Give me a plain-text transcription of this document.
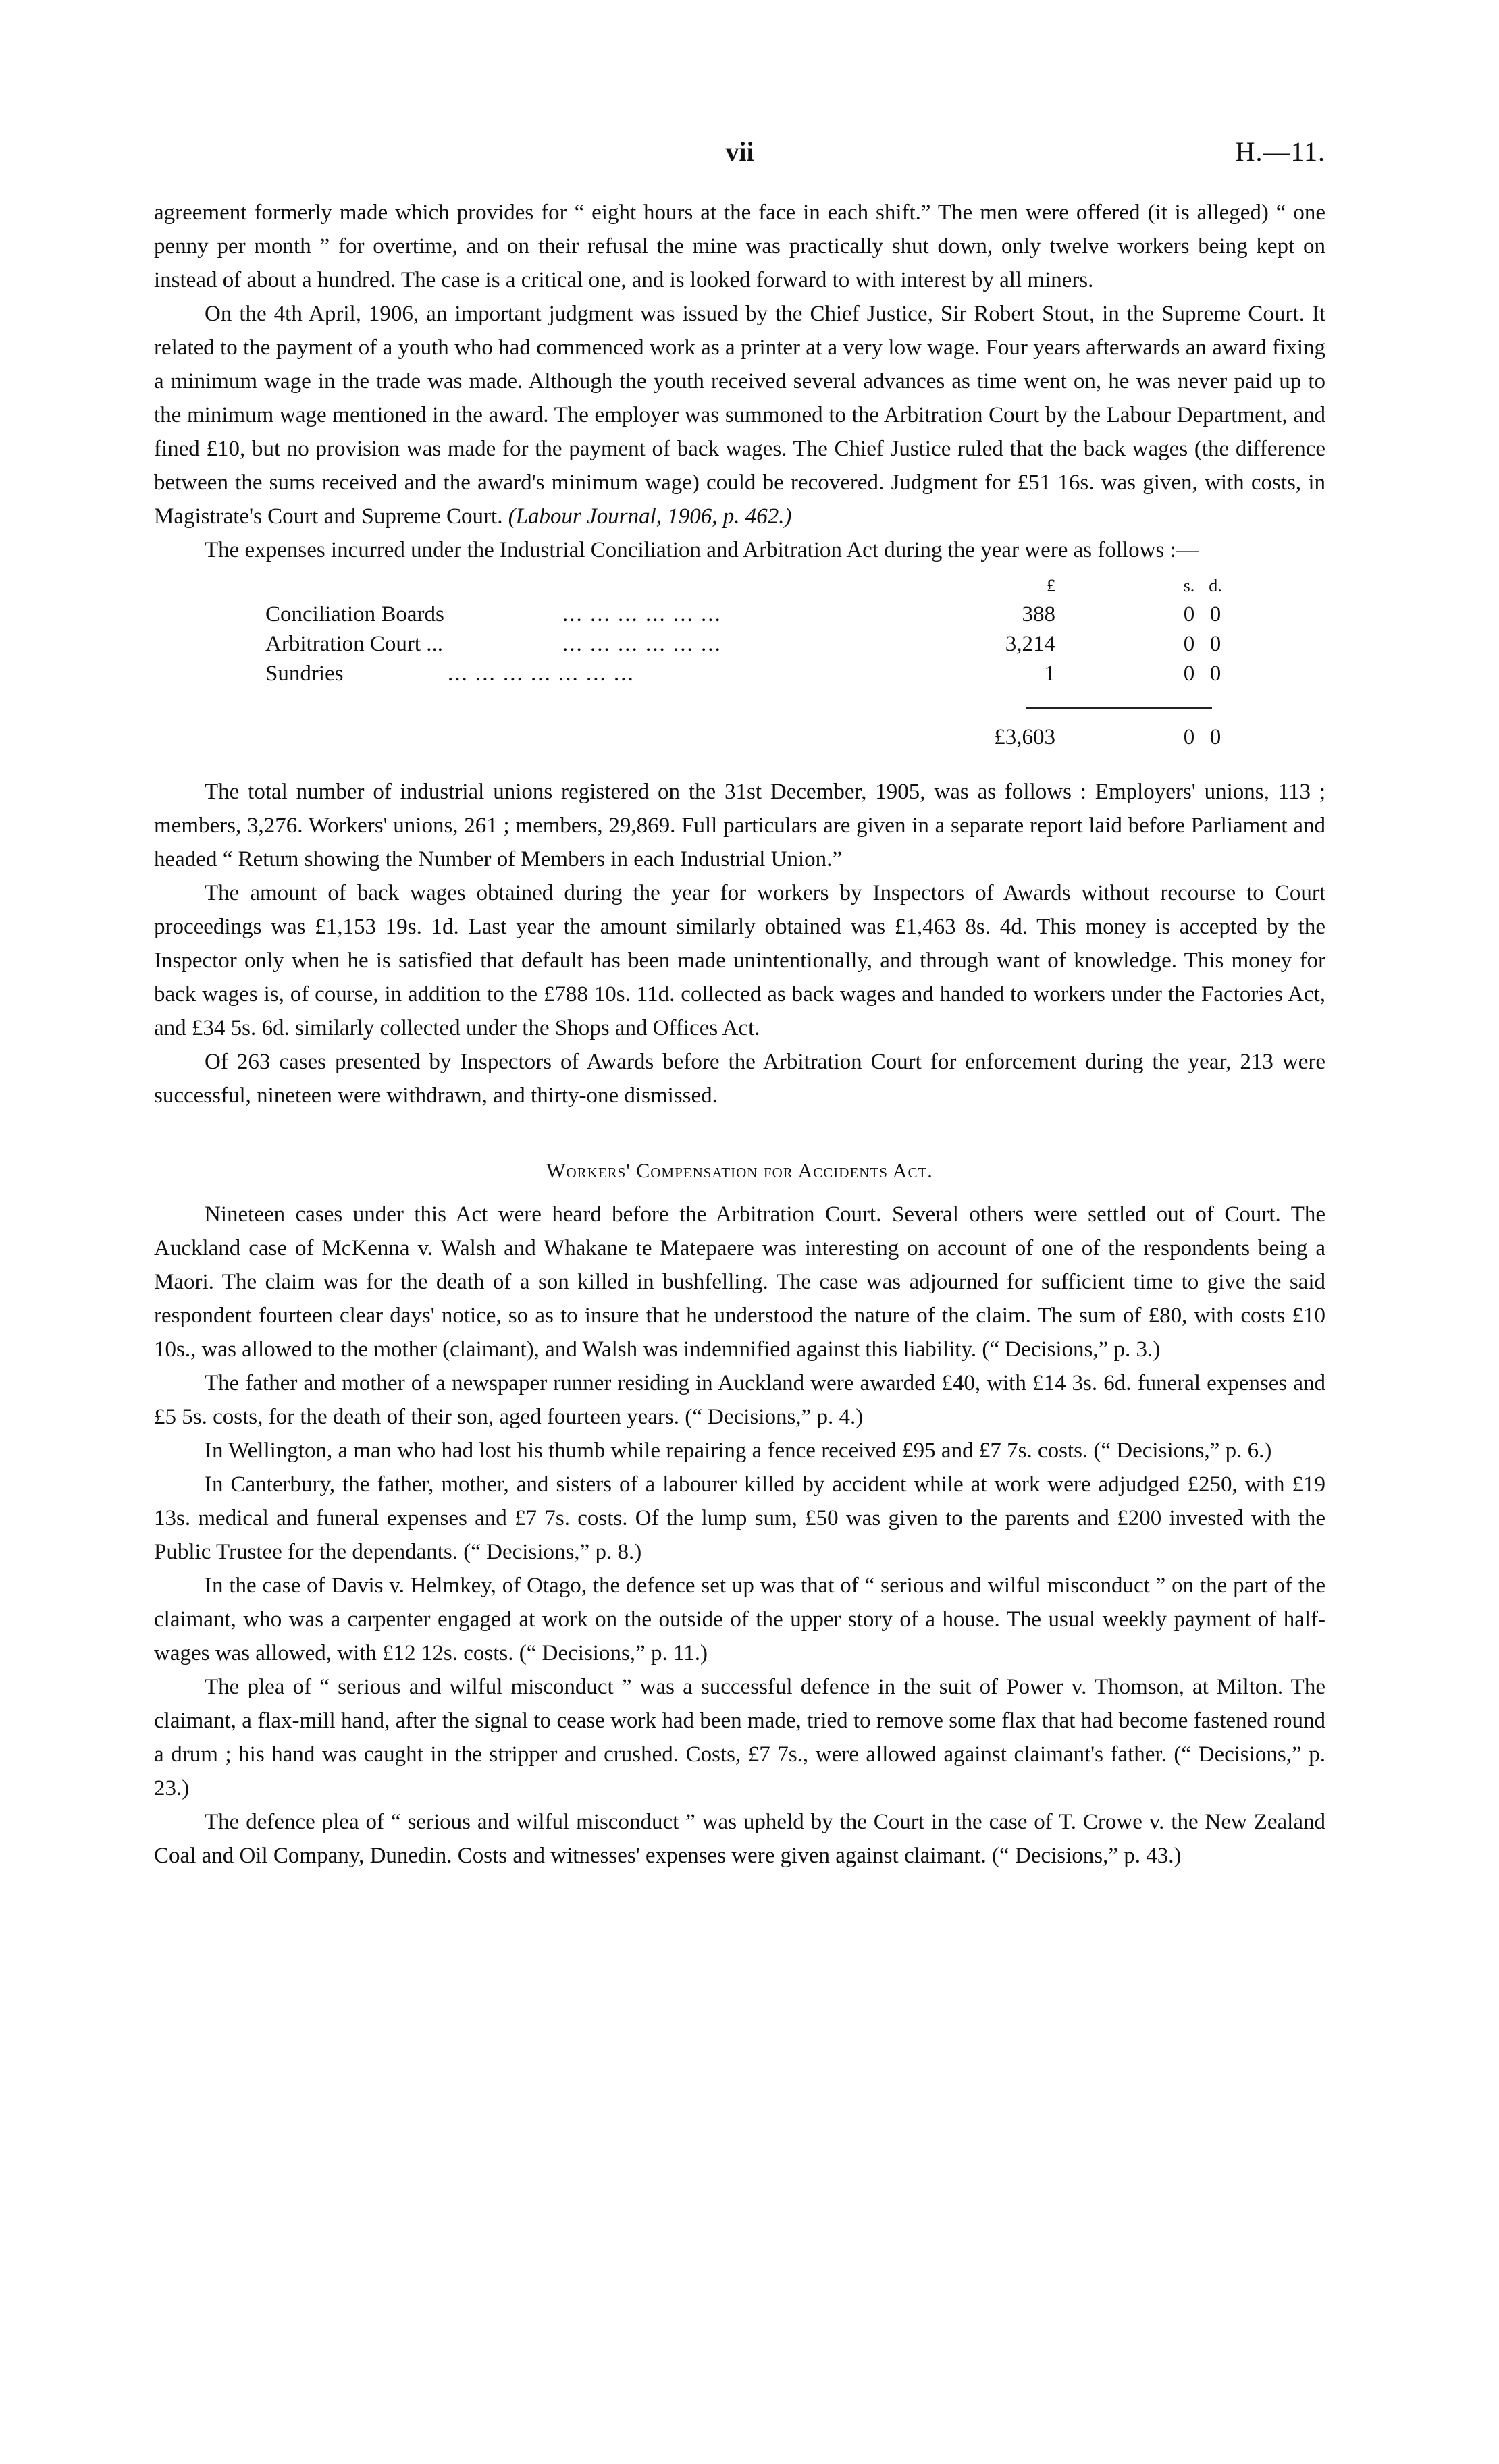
vii	H.—11.

agreement formerly made which provides for “ eight hours at the face in each shift.” The men were offered (it is alleged) “ one penny per month ” for overtime, and on their refusal the mine was practically shut down, only twelve workers being kept on instead of about a hundred. The case is a critical one, and is looked forward to with interest by all miners.

On the 4th April, 1906, an important judgment was issued by the Chief Justice, Sir Robert Stout, in the Supreme Court. It related to the payment of a youth who had commenced work as a printer at a very low wage. Four years afterwards an award fixing a minimum wage in the trade was made. Although the youth received several advances as time went on, he was never paid up to the minimum wage mentioned in the award. The employer was summoned to the Arbitration Court by the Labour Department, and fined £10, but no provision was made for the payment of back wages. The Chief Justice ruled that the back wages (the difference between the sums received and the award's minimum wage) could be recovered. Judgment for £51 16s. was given, with costs, in Magistrate's Court and Supreme Court. (Labour Journal, 1906, p. 462.)

The expenses incurred under the Industrial Conciliation and Arbitration Act during the year were as follows :—

£	s. d.
Conciliation Boards	... ... ... ... ... ...	388	0 0
Arbitration Court ...	... ... ... ... ... ...	3,214	0 0
Sundries	... ... ... ... ... ... ...	1	0 0
£3,603	0 0

The total number of industrial unions registered on the 31st December, 1905, was as follows : Employers' unions, 113 ; members, 3,276. Workers' unions, 261 ; members, 29,869. Full particulars are given in a separate report laid before Parliament and headed “ Return showing the Number of Members in each Industrial Union.”

The amount of back wages obtained during the year for workers by Inspectors of Awards without recourse to Court proceedings was £1,153 19s. 1d. Last year the amount similarly obtained was £1,463 8s. 4d. This money is accepted by the Inspector only when he is satisfied that default has been made unintentionally, and through want of knowledge. This money for back wages is, of course, in addition to the £788 10s. 11d. collected as back wages and handed to workers under the Factories Act, and £34 5s. 6d. similarly collected under the Shops and Offices Act.

Of 263 cases presented by Inspectors of Awards before the Arbitration Court for enforcement during the year, 213 were successful, nineteen were withdrawn, and thirty-one dismissed.

Workers' Compensation for Accidents Act.

Nineteen cases under this Act were heard before the Arbitration Court. Several others were settled out of Court. The Auckland case of McKenna v. Walsh and Whakane te Matepaere was interesting on account of one of the respondents being a Maori. The claim was for the death of a son killed in bushfelling. The case was adjourned for sufficient time to give the said respondent fourteen clear days' notice, so as to insure that he understood the nature of the claim. The sum of £80, with costs £10 10s., was allowed to the mother (claimant), and Walsh was indemnified against this liability. (“ Decisions,” p. 3.)

The father and mother of a newspaper runner residing in Auckland were awarded £40, with £14 3s. 6d. funeral expenses and £5 5s. costs, for the death of their son, aged fourteen years. (“ Decisions,” p. 4.)

In Wellington, a man who had lost his thumb while repairing a fence received £95 and £7 7s. costs. (“ Decisions,” p. 6.)

In Canterbury, the father, mother, and sisters of a labourer killed by accident while at work were adjudged £250, with £19 13s. medical and funeral expenses and £7 7s. costs. Of the lump sum, £50 was given to the parents and £200 invested with the Public Trustee for the dependants. (“ Decisions,” p. 8.)

In the case of Davis v. Helmkey, of Otago, the defence set up was that of “ serious and wilful misconduct ” on the part of the claimant, who was a carpenter engaged at work on the outside of the upper story of a house. The usual weekly payment of half-wages was allowed, with £12 12s. costs. (“ Decisions,” p. 11.)

The plea of “ serious and wilful misconduct ” was a successful defence in the suit of Power v. Thomson, at Milton. The claimant, a flax-mill hand, after the signal to cease work had been made, tried to remove some flax that had become fastened round a drum ; his hand was caught in the stripper and crushed. Costs, £7 7s., were allowed against claimant's father. (“ Decisions,” p. 23.)

The defence plea of “ serious and wilful misconduct ” was upheld by the Court in the case of T. Crowe v. the New Zealand Coal and Oil Company, Dunedin. Costs and witnesses' expenses were given against claimant. (“ Decisions,” p. 43.)
